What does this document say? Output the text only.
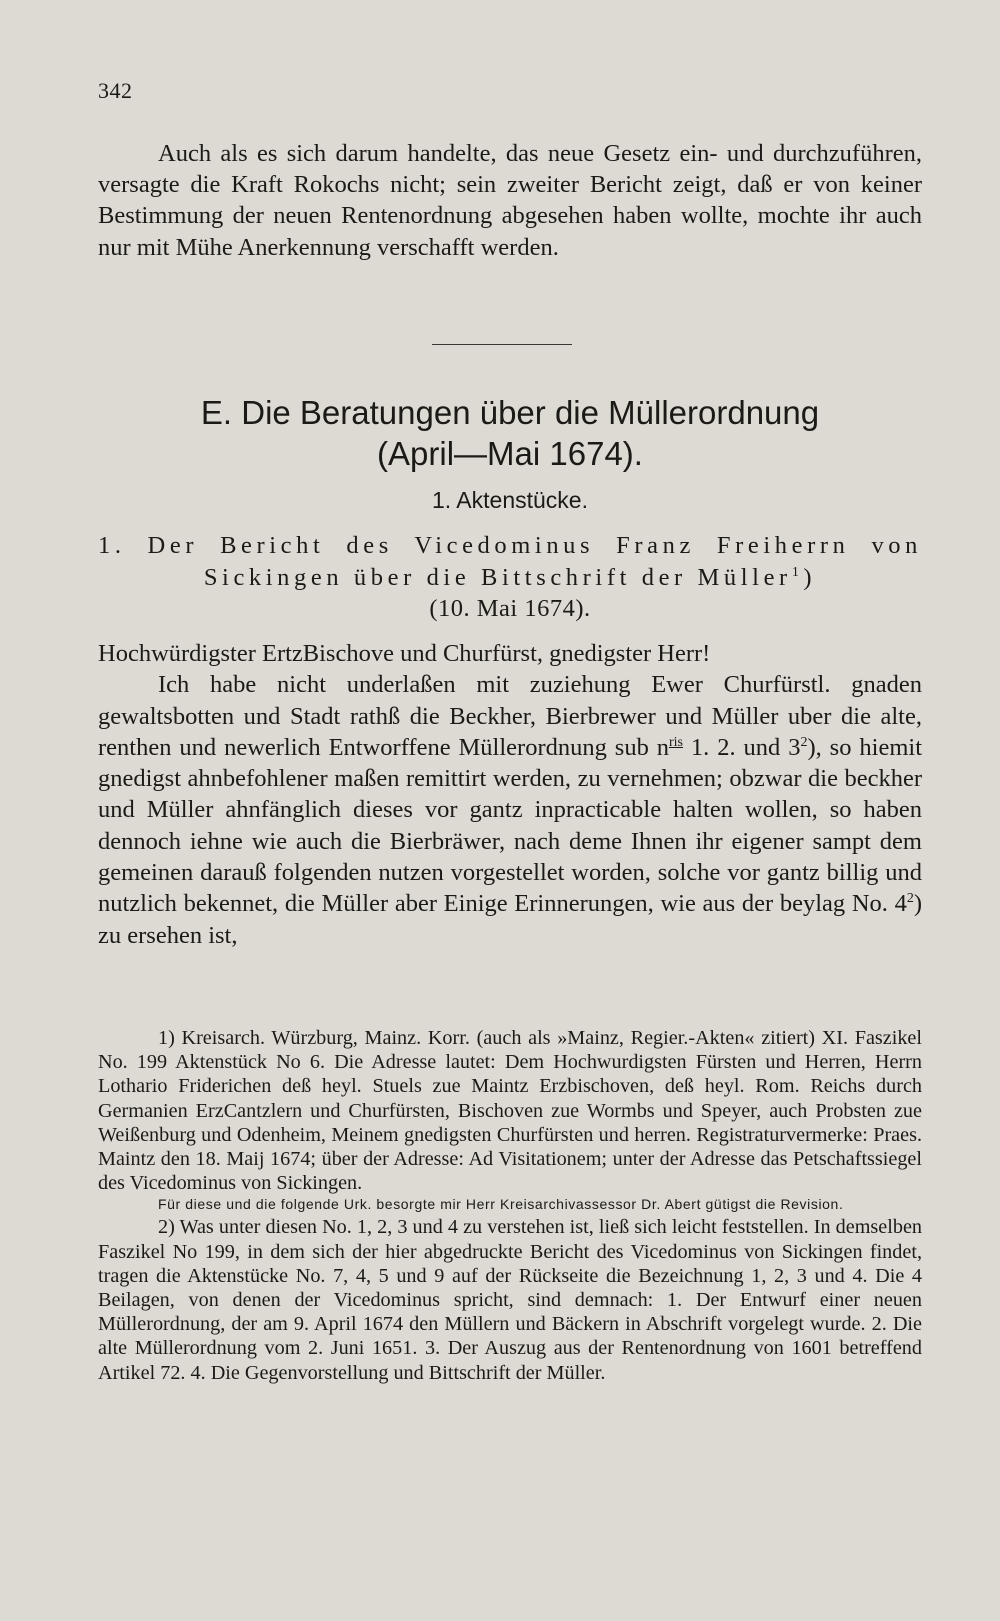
342

Auch als es sich darum handelte, das neue Gesetz ein- und durchzuführen, versagte die Kraft Rokochs nicht; sein zweiter Bericht zeigt, daß er von keiner Bestimmung der neuen Rentenordnung abgesehen haben wollte, mochte ihr auch nur mit Mühe Anerkennung verschafft werden.

E. Die Beratungen über die Müllerordnung
(April—Mai 1674).
1. Aktenstücke.
1. Der Bericht des Vicedominus Franz Freiherrn von Sickingen über die Bittschrift der Müller$^1$)
(10. Mai 1674).

Hochwürdigster ErtzBischove und Churfürst, gnedigster Herr!

Ich habe nicht underlaßen mit zuziehung Ewer Churfürstl. gnaden gewaltsbotten und Stadt rathß die Beckher, Bierbrewer und Müller uber die alte, renthen und newerlich Entworffene Müllerordnung sub $n^{ris}$ 1. 2. und $3^2$), so hiemit gnedigst ahnbefohlener maßen remittirt werden, zu vernehmen; obzwar die beckher und Müller ahnfänglich dieses vor gantz inpracticable halten wollen, so haben dennoch iehne wie auch die Bierbräwer, nach deme Ihnen ihr eigener sampt dem gemeinen darauß folgenden nutzen vorgestellet worden, solche vor gantz billig und nutzlich bekennet, die Müller aber Einige Erinnerungen, wie aus der beylag No. $4^2$) zu ersehen ist,

1) Kreisarch. Würzburg, Mainz. Korr. (auch als »Mainz, Regier.-Akten« zitiert) XI. Faszikel No. 199 Aktenstück No 6. Die Adresse lautet: Dem Hochwurdigsten Fürsten und Herren, Herrn Lothario Friderichen deß heyl. Stuels zue Maintz Erzbischoven, deß heyl. Rom. Reichs durch Germanien ErzCantzlern und Churfürsten, Bischoven zue Wormbs und Speyer, auch Probsten zue Weißenburg und Odenheim, Meinem gnedigsten Churfürsten und herren. Registraturvermerke: Praes. Maintz den 18. Maij 1674; über der Adresse: Ad Visitationem; unter der Adresse das Petschaftssiegel des Vicedominus von Sickingen.

Für diese und die folgende Urk. besorgte mir Herr Kreisarchivassessor Dr. Abert gütigst die Revision.

2) Was unter diesen No. 1, 2, 3 und 4 zu verstehen ist, ließ sich leicht feststellen. In demselben Faszikel No 199, in dem sich der hier abgedruckte Bericht des Vicedominus von Sickingen findet, tragen die Aktenstücke No. 7, 4, 5 und 9 auf der Rückseite die Bezeichnung 1, 2, 3 und 4. Die 4 Beilagen, von denen der Vicedominus spricht, sind demnach: 1. Der Entwurf einer neuen Müllerordnung, der am 9. April 1674 den Müllern und Bäckern in Abschrift vorgelegt wurde. 2. Die alte Müllerordnung vom 2. Juni 1651. 3. Der Auszug aus der Rentenordnung von 1601 betreffend Artikel 72. 4. Die Gegenvorstellung und Bittschrift der Müller.
